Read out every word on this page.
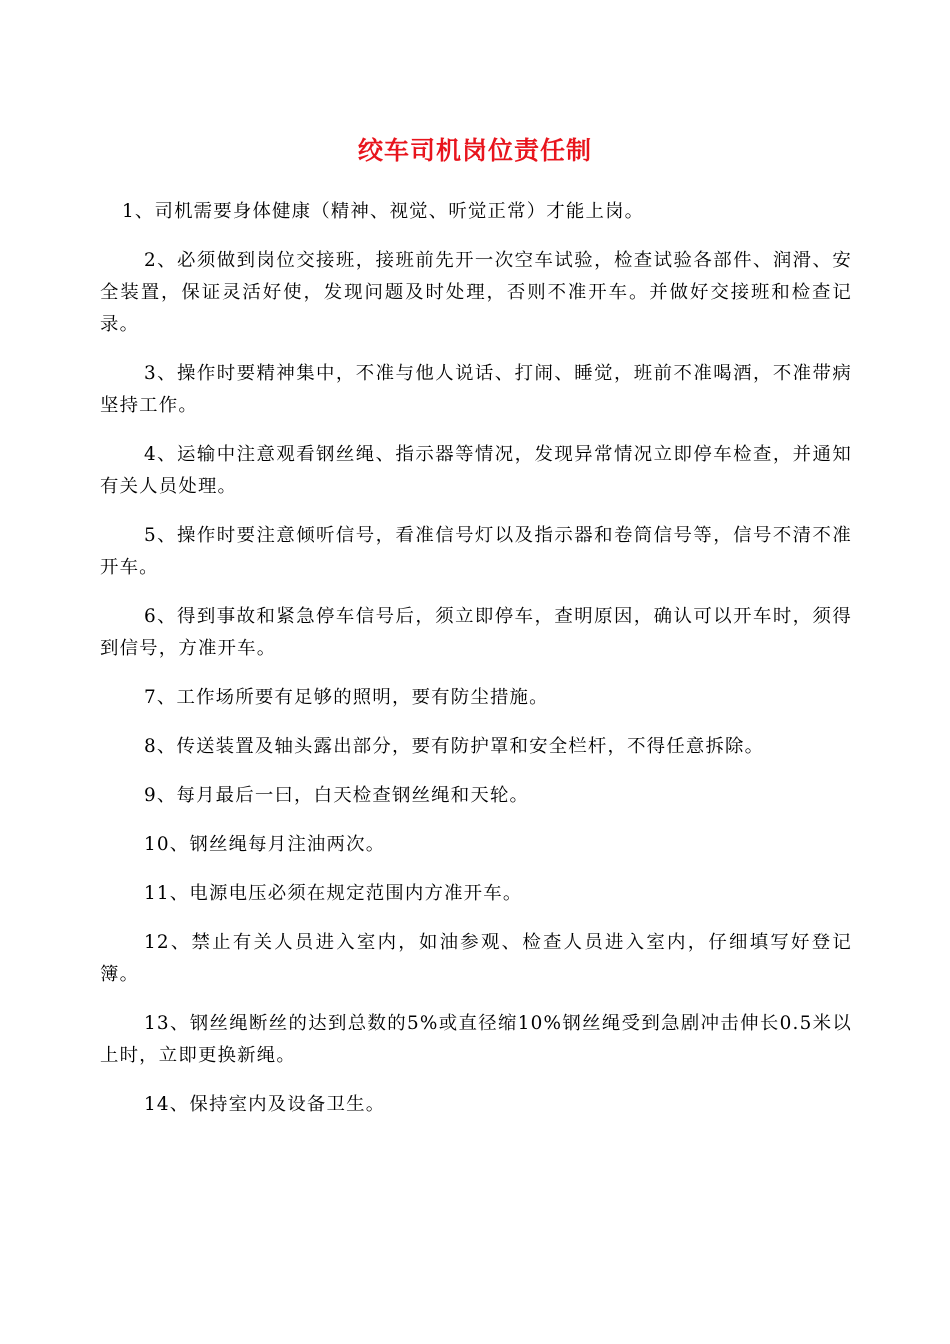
绞车司机岗位责任制

1、司机需要身体健康（精神、视觉、听觉正常）才能上岗。

2、必须做到岗位交接班，接班前先开一次空车试验，检查试验各部件、润滑、安全装置，保证灵活好使，发现问题及时处理，否则不准开车。并做好交接班和检查记录。

3、操作时要精神集中，不准与他人说话、打闹、睡觉，班前不准喝酒，不准带病坚持工作。

4、运输中注意观看钢丝绳、指示器等情况，发现异常情况立即停车检查，并通知有关人员处理。

5、操作时要注意倾听信号，看准信号灯以及指示器和卷筒信号等，信号不清不准开车。

6、得到事故和紧急停车信号后，须立即停车，查明原因，确认可以开车时，须得到信号，方准开车。

7、工作场所要有足够的照明，要有防尘措施。

8、传送装置及轴头露出部分，要有防护罩和安全栏杆，不得任意拆除。

9、每月最后一曰，白天检查钢丝绳和天轮。

10、钢丝绳每月注油两次。

11、电源电压必须在规定范围内方准开车。

12、禁止有关人员进入室内，如油参观、检查人员进入室内，仔细填写好登记簿。

13、钢丝绳断丝的达到总数的5%或直径缩10%钢丝绳受到急剧冲击伸长0.5米以上时，立即更换新绳。

14、保持室内及设备卫生。
